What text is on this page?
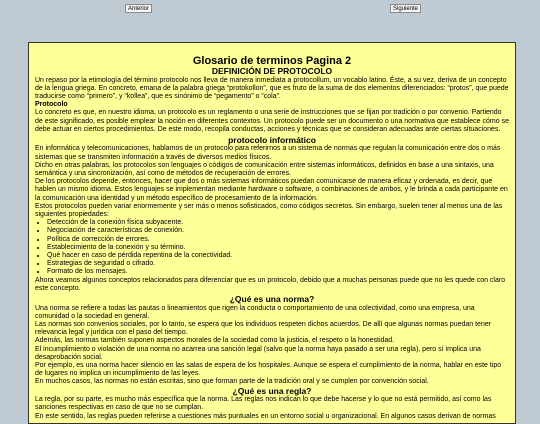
Anterior	Siguiente
Glosario de terminos Pagina 2
DEFINICIÓN DE PROTOCOLO

Un repaso por la etimología del término protocolo nos lleva de manera inmediata a protocollum, un vocablo latino. Éste, a su vez, deriva de un concepto de la lengua griega. En concreto, emana de la palabra griega “protokollon”, que es fruto de la suma de dos elementos diferenciados: “protos”, que puede traducirse como “primero”, y “kollea”, que es sinónimo de “pegamento” o “cola”.

Protocolo

Lo concreto es que, en nuestro idioma, un protocolo es un reglamento o una serie de instrucciones que se fijan por tradición o por convenio. Partiendo de este significado, es posible emplear la noción en diferentes contextos. Un protocolo puede ser un documento o una normativa que establece cómo se debe actuar en ciertos procedimientos. De este modo, recopila conductas, acciones y técnicas que se consideran adecuadas ante ciertas situaciones.

protocolo informático

En informática y telecomunicaciones, hablamos de un protocolo para referirnos a un sistema de normas que regulan la comunicación entre dos o más sistemas que se transmiten información a través de diversos medios físicos.

Dicho en otras palabras, los protocolos son lenguajes o códigos de comunicación entre sistemas informáticos, definidos en base a una sintaxis, una semántica y una sincronización, así como de métodos de recuperación de errores.

De los protocolos depende, entonces, hacer que dos o más sistemas informáticos puedan comunicarse de manera eficaz y ordenada, es decir, que hablen un mismo idioma. Estos lenguajes se implementan mediante hardware o software, o combinaciones de ambos, y le brinda a cada participante en la comunicación una identidad y un método específico de procesamiento de la información.

Estos protocolos pueden variar enormemente y ser más o menos sofisticados, como códigos secretos. Sin embargo, suelen tener al menos una de las siguientes propiedades:

• Detección de la conexión física subyacente.
• Negociación de características de conexión.
• Política de corrección de errores.
• Establecimiento de la conexión y su término.
• Qué hacer en caso de pérdida repentina de la conectividad.
• Estrategias de seguridad o cifrado.
• Formato de los mensajes.

Ahora veamos algunos conceptos relacionados para diferenciar que es un protocolo, debido que a muchas personas puede que no les quede con claro este concepto.

¿Qué es una norma?

Una norma se refiere a todas las pautas o lineamientos que rigen la conducta o comportamiento de una colectividad, como una empresa, una comunidad o la sociedad en general.

Las normas son convenios sociales, por lo tanto, se espera que los individuos respeten dichos acuerdos. De allí que algunas normas puedan tener relevancia legal y jurídica con el paso del tiempo.

Además, las normas también suponen aspectos morales de la sociedad como la justicia, el respeto o la honestidad.

El incumplimiento o violación de una norma no acarrea una sanción legal (salvo que la norma haya pasado a ser una regla), pero sí implica una desaprobación social.

Por ejemplo, es una norma hacer silencio en las salas de espera de los hospitales. Aunque se espera el cumplimiento de la norma, hablar en este tipo de lugares no implica un incumplimiento de las leyes.

En muchos casos, las normas no están escritas, sino que forman parte de la tradición oral y se cumplen por convención social.

¿Qué es una regla?

La regla, por su parte, es mucho más específica que la norma. Las reglas nos indican lo que debe hacerse y lo que no está permitido, así como las sanciones respectivas en caso de que no se cumplan.

En este sentido, las reglas pueden referirse a cuestiones más puntuales en un entorno social u organizacional. En algunos casos derivan de normas
